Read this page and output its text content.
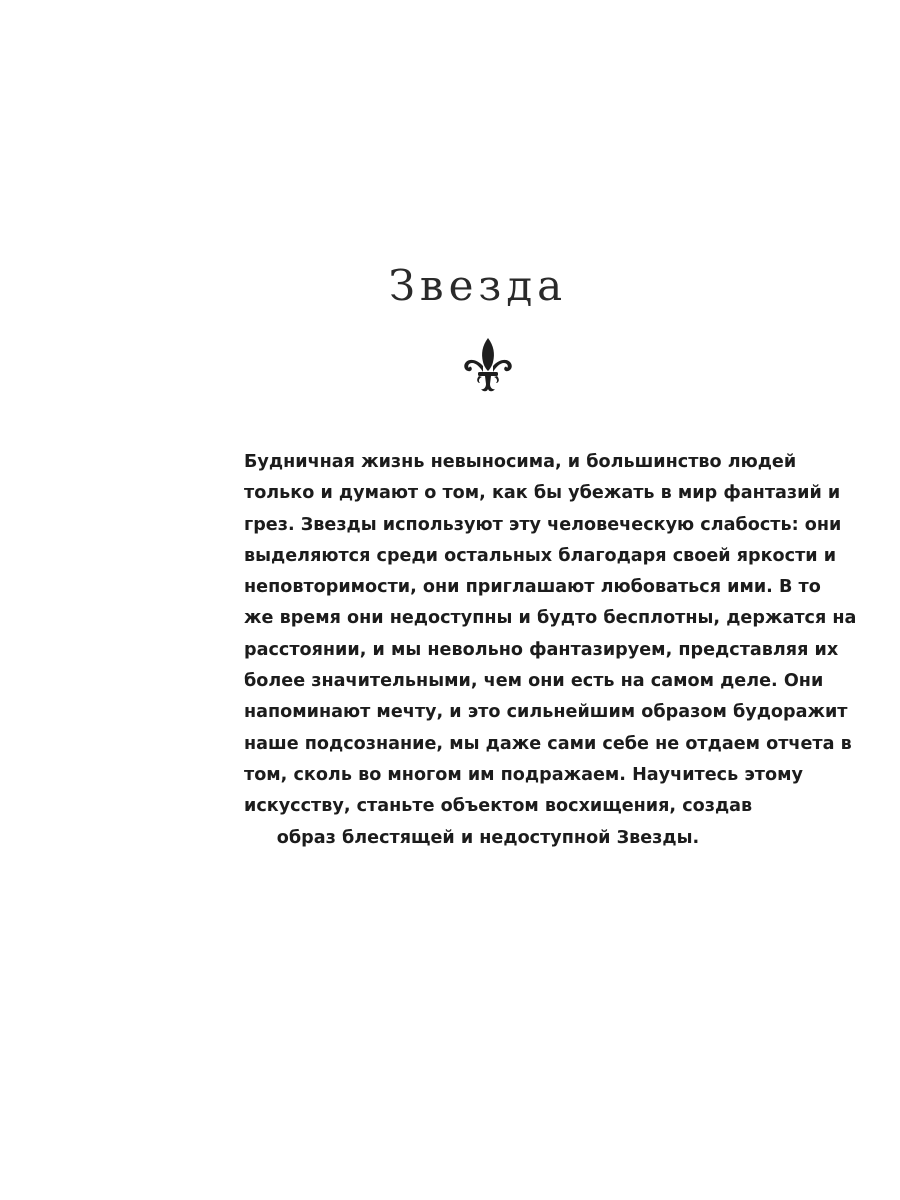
Звезда
Будничная жизнь невыносима, и большинство людей
только и думают о том, как бы убежать в мир фантазий и
грез. Звезды используют эту человеческую слабость: они
выделяются среди остальных благодаря своей яркости и
неповторимости, они приглашают любоваться ими. В то
же время они недоступны и будто бесплотны, держатся на
расстоянии, и мы невольно фантазируем, представляя их
более значительными, чем они есть на самом деле. Они
напоминают мечту, и это сильнейшим образом будоражит
наше подсознание, мы даже сами себе не отдаем отчета в
том, сколь во многом им подражаем. Научитесь этому
искусству, станьте объектом восхищения, создав
образ блестящей и недоступной Звезды.
